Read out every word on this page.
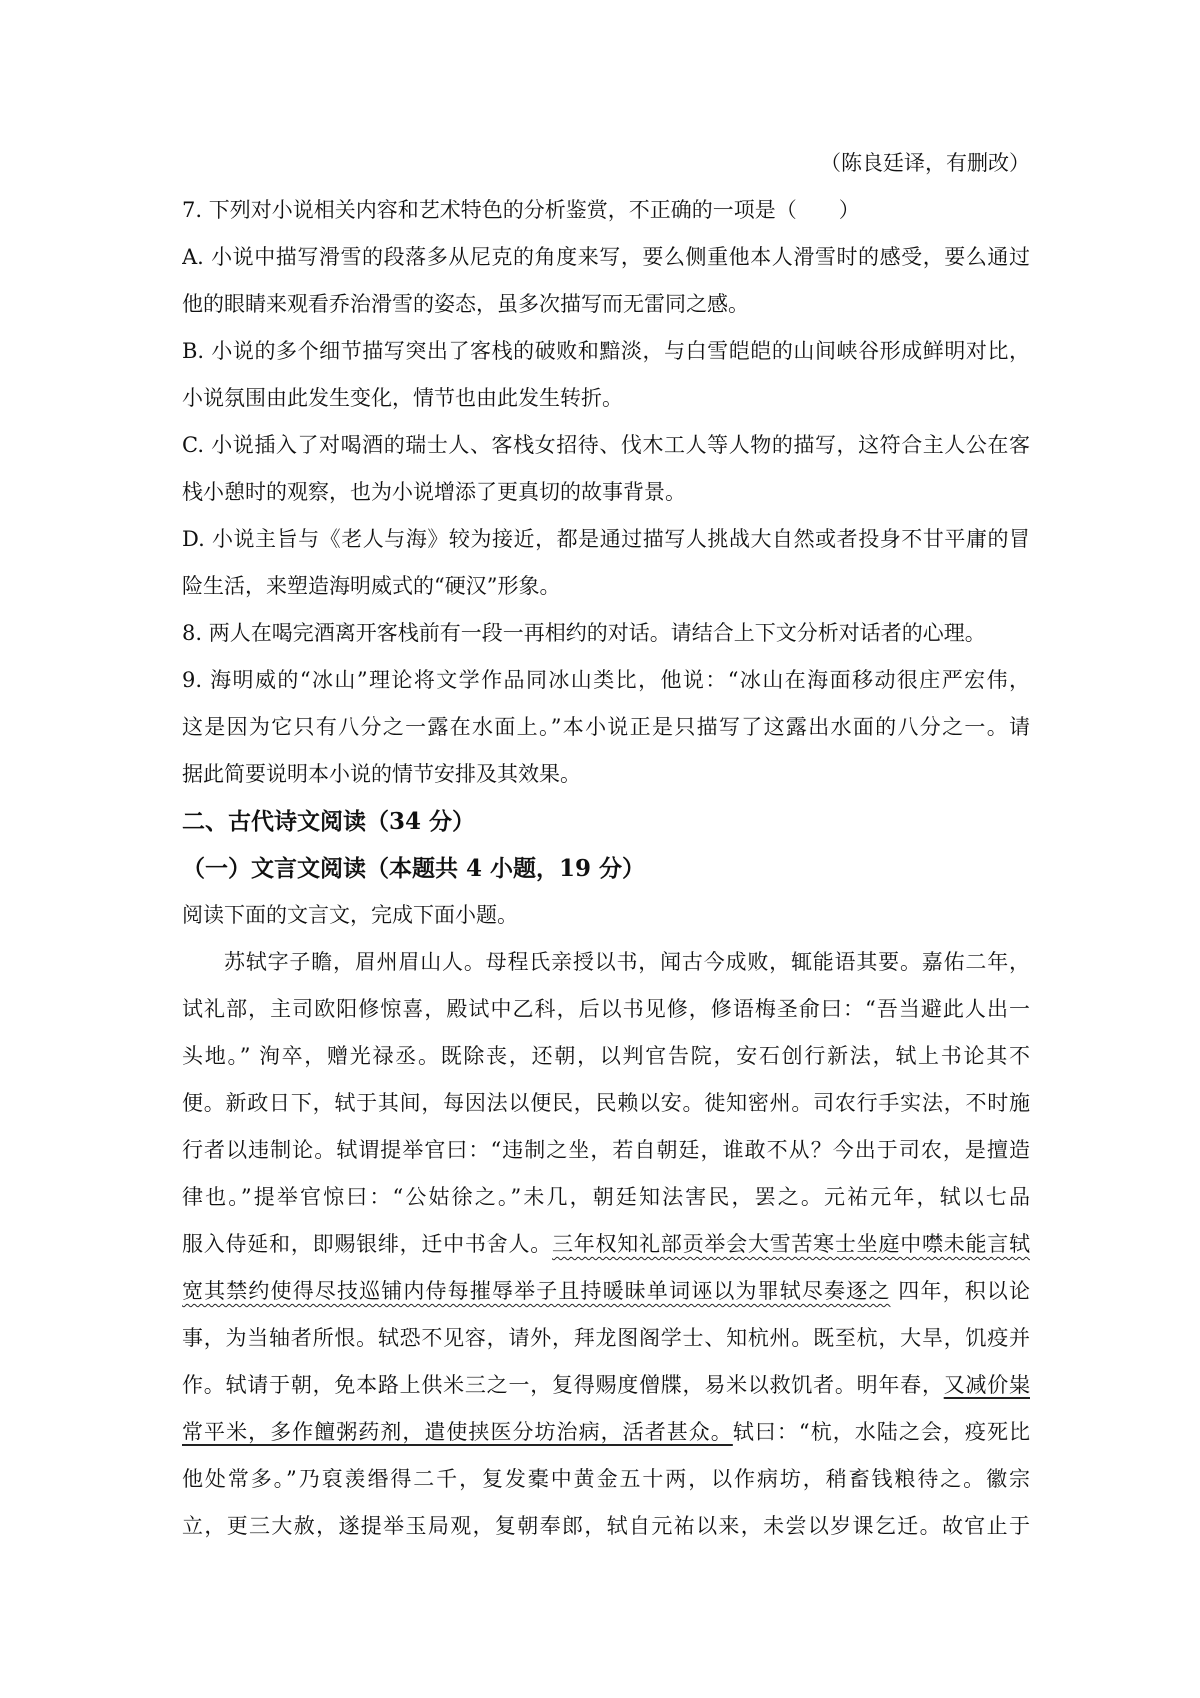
（陈良廷译，有删改）
7. 下列对小说相关内容和艺术特色的分析鉴赏，不正确的一项是（　　）
A. 小说中描写滑雪的段落多从尼克的角度来写，要么侧重他本人滑雪时的感受，要么通过
他的眼睛来观看乔治滑雪的姿态，虽多次描写而无雷同之感。
B. 小说的多个细节描写突出了客栈的破败和黯淡，与白雪皑皑的山间峡谷形成鲜明对比，
小说氛围由此发生变化，情节也由此发生转折。
C. 小说插入了对喝酒的瑞士人、客栈女招待、伐木工人等人物的描写，这符合主人公在客
栈小憩时的观察，也为小说增添了更真切的故事背景。
D. 小说主旨与《老人与海》较为接近，都是通过描写人挑战大自然或者投身不甘平庸的冒
险生活，来塑造海明威式的“硬汉”形象。
8. 两人在喝完酒离开客栈前有一段一再相约的对话。请结合上下文分析对话者的心理。
9. 海明威的“冰山”理论将文学作品同冰山类比，他说：“冰山在海面移动很庄严宏伟，
这是因为它只有八分之一露在水面上。”本小说正是只描写了这露出水面的八分之一。请
据此简要说明本小说的情节安排及其效果。
二、古代诗文阅读（34 分）
（一）文言文阅读（本题共 4 小题，19 分）
阅读下面的文言文，完成下面小题。
苏轼字子瞻，眉州眉山人。母程氏亲授以书，闻古今成败，辄能语其要。嘉佑二年，
试礼部，主司欧阳修惊喜，殿试中乙科，后以书见修，修语梅圣俞曰：“吾当避此人出一
头地。” 洵卒，赠光禄丞。既除丧，还朝，以判官告院，安石创行新法，轼上书论其不
便。新政日下，轼于其间，每因法以便民，民赖以安。徙知密州。司农行手实法，不时施
行者以违制论。轼谓提举官曰：“违制之坐，若自朝廷，谁敢不从？今出于司农，是擅造
律也。”提举官惊曰：“公姑徐之。”未几，朝廷知法害民，罢之。元祐元年，轼以七品
服入侍延和，即赐银绯，迁中书舍人。三年权知礼部贡举会大雪苦寒士坐庭中噤未能言轼
宽其禁约使得尽技巡铺内侍每摧辱举子且持暖昧单词诬以为罪轼尽奏逐之 四年，积以论
事，为当轴者所恨。轼恐不见容，请外，拜龙图阁学士、知杭州。既至杭，大旱，饥疫并
作。轼请于朝，免本路上供米三之一，复得赐度僧牒，易米以救饥者。明年春，又减价粜
常平米，多作饘粥药剂，遣使挟医分坊治病，活者甚众。轼曰：“杭，水陆之会，疫死比
他处常多。”乃裒羡缗得二千，复发橐中黄金五十两，以作病坊，稍畜钱粮待之。徽宗
立，更三大赦，遂提举玉局观，复朝奉郎，轼自元祐以来，未尝以岁课乞迁。故官止于
